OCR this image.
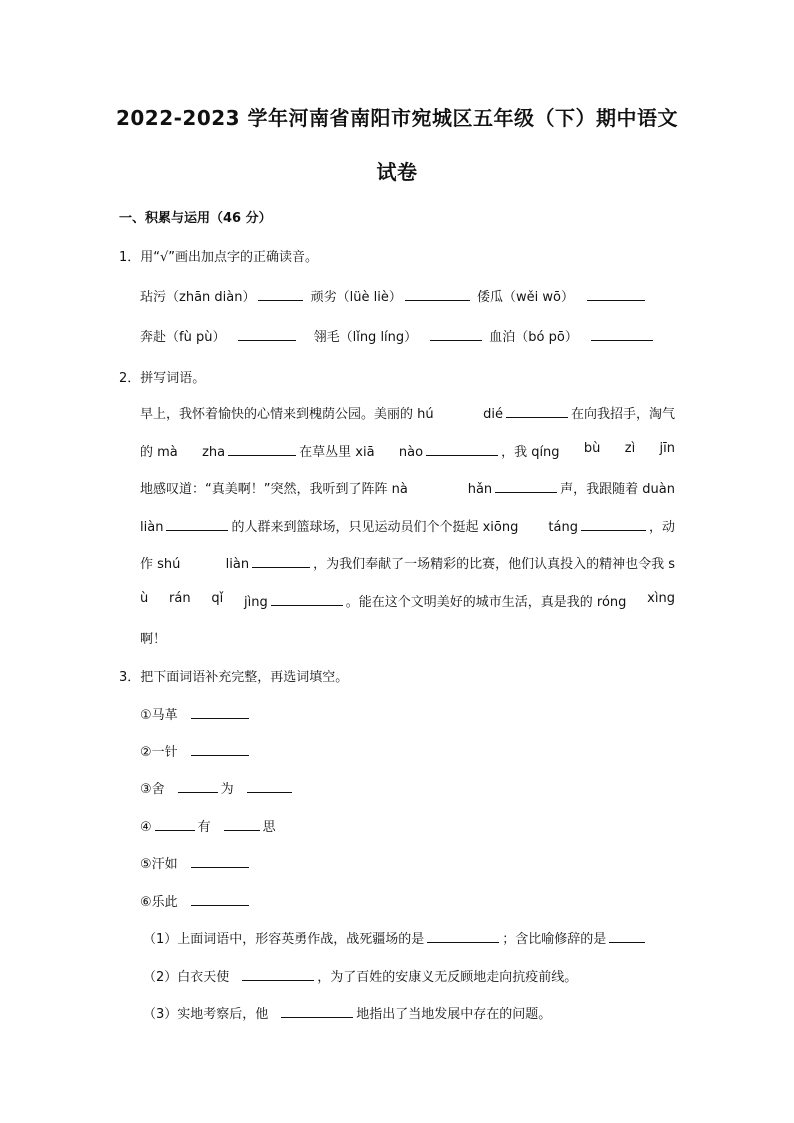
2022-2023 学年河南省南阳市宛城区五年级（下）期中语文
试卷
一、积累与运用（46 分）
1．用“√”画出加点字的正确读音。
玷污（zhān diàn）	顽劣（lüè liè）	倭瓜（wěi wō）
奔赴（fù pù）	翎毛（lǐng líng）	血泊（bó pō）
2．拼写词语。
早上，我怀着愉快的心情来到槐荫公园。美丽的 hú	dié	在向我招手，淘气
的 mà zha	在草丛里 xiā nào	，我 qíng bù zì jīn
地感叹道：“真美啊！”突然，我听到了阵阵 nà	hǎn	声，我跟随着 duàn
liàn	的人群来到篮球场，只见运动员们个个挺起 xiōng táng	，动
作 shú	liàn	，为我们奉献了一场精彩的比赛，他们认真投入的精神也令我 s
ù rán qǐ jìng	。能在这个文明美好的城市生活，真是我的 róng xìng
啊！
3．把下面词语补充完整，再选词填空。
①马革
②一针
③舍	为
④	有	思
⑤汗如
⑥乐此
（1）上面词语中，形容英勇作战，战死疆场的是	；含比喻修辞的是
（2）白衣天使	，为了百姓的安康义无反顾地走向抗疫前线。
（3）实地考察后，他	地指出了当地发展中存在的问题。
